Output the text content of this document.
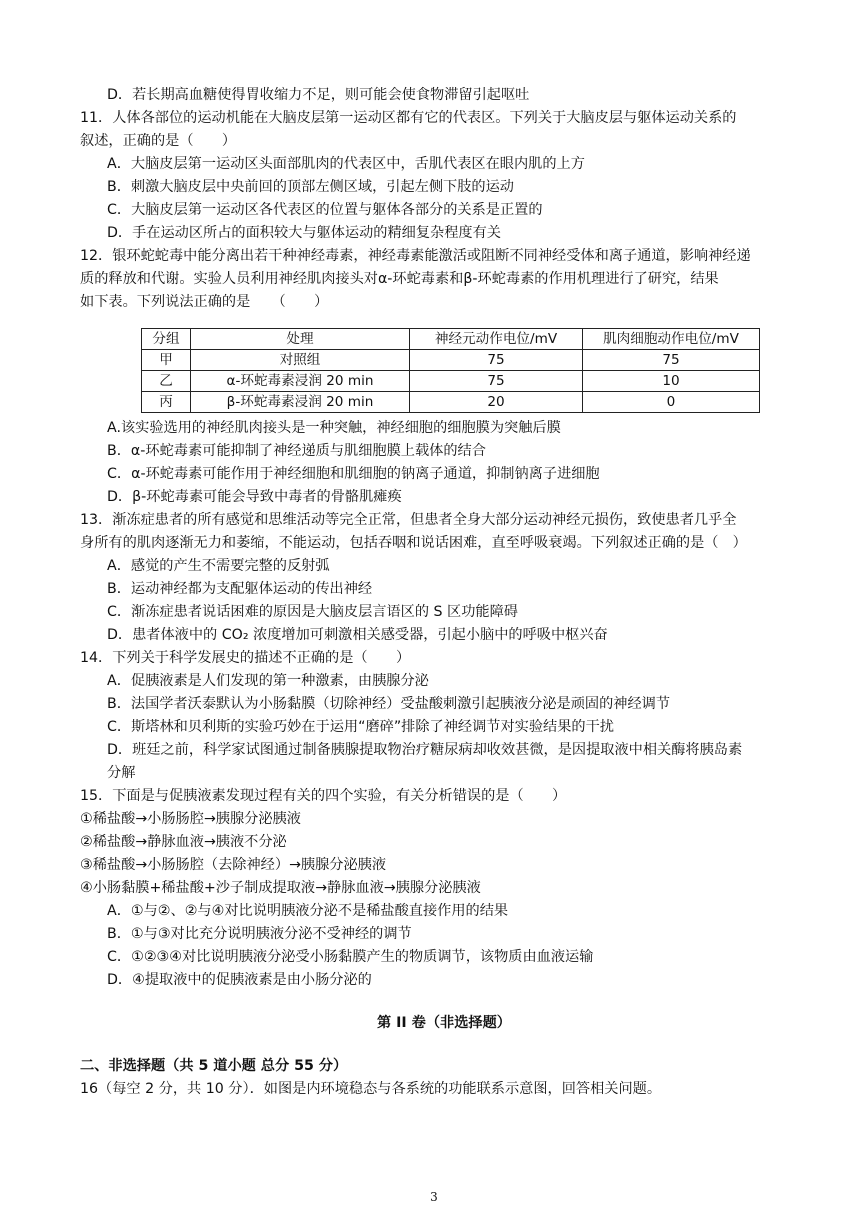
D．若长期高血糖使得胃收缩力不足，则可能会使食物滞留引起呕吐
11．人体各部位的运动机能在大脑皮层第一运动区都有它的代表区。下列关于大脑皮层与躯体运动关系的
叙述，正确的是（　　）
A．大脑皮层第一运动区头面部肌肉的代表区中，舌肌代表区在眼内肌的上方
B．刺激大脑皮层中央前回的顶部左侧区域，引起左侧下肢的运动
C．大脑皮层第一运动区各代表区的位置与躯体各部分的关系是正置的
D．手在运动区所占的面积较大与躯体运动的精细复杂程度有关
12．银环蛇蛇毒中能分离出若干种神经毒素，神经毒素能激活或阻断不同神经受体和离子通道，影响神经递
质的释放和代谢。实验人员利用神经肌肉接头对α-环蛇毒素和β-环蛇毒素的作用机理进行了研究，结果
如下表。下列说法正确的是　　（　　）
分组	处理	神经元动作电位/mV	肌肉细胞动作电位/mV
甲	对照组	75	75
乙	α-环蛇毒素浸润 20 min	75	10
丙	β-环蛇毒素浸润 20 min	20	0
A.该实验选用的神经肌肉接头是一种突触，神经细胞的细胞膜为突触后膜
B．α-环蛇毒素可能抑制了神经递质与肌细胞膜上载体的结合
C．α-环蛇毒素可能作用于神经细胞和肌细胞的钠离子通道，抑制钠离子进细胞
D．β-环蛇毒素可能会导致中毒者的骨骼肌瘫痪
13．渐冻症患者的所有感觉和思维活动等完全正常，但患者全身大部分运动神经元损伤，致使患者几乎全
身所有的肌肉逐渐无力和萎缩，不能运动，包括吞咽和说话困难，直至呼吸衰竭。下列叙述正确的是（　）
A．感觉的产生不需要完整的反射弧
B．运动神经都为支配躯体运动的传出神经
C．渐冻症患者说话困难的原因是大脑皮层言语区的 S 区功能障碍
D．患者体液中的 CO₂ 浓度增加可刺激相关感受器，引起小脑中的呼吸中枢兴奋
14．下列关于科学发展史的描述不正确的是（　　）
A．促胰液素是人们发现的第一种激素，由胰腺分泌
B．法国学者沃泰默认为小肠黏膜（切除神经）受盐酸刺激引起胰液分泌是顽固的神经调节
C．斯塔林和贝利斯的实验巧妙在于运用“磨碎”排除了神经调节对实验结果的干扰
D．班廷之前，科学家试图通过制备胰腺提取物治疗糖尿病却收效甚微，是因提取液中相关酶将胰岛素
分解
15．下面是与促胰液素发现过程有关的四个实验，有关分析错误的是（　　）
①稀盐酸→小肠肠腔→胰腺分泌胰液
②稀盐酸→静脉血液→胰液不分泌
③稀盐酸→小肠肠腔（去除神经）→胰腺分泌胰液
④小肠黏膜+稀盐酸+沙子制成提取液→静脉血液→胰腺分泌胰液
A．①与②、②与④对比说明胰液分泌不是稀盐酸直接作用的结果
B．①与③对比充分说明胰液分泌不受神经的调节
C．①②③④对比说明胰液分泌受小肠黏膜产生的物质调节，该物质由血液运输
D．④提取液中的促胰液素是由小肠分泌的
第 II 卷（非选择题）
二、非选择题（共 5 道小题 总分 55 分）
16（每空 2 分，共 10 分）．如图是内环境稳态与各系统的功能联系示意图，回答相关问题。
3
